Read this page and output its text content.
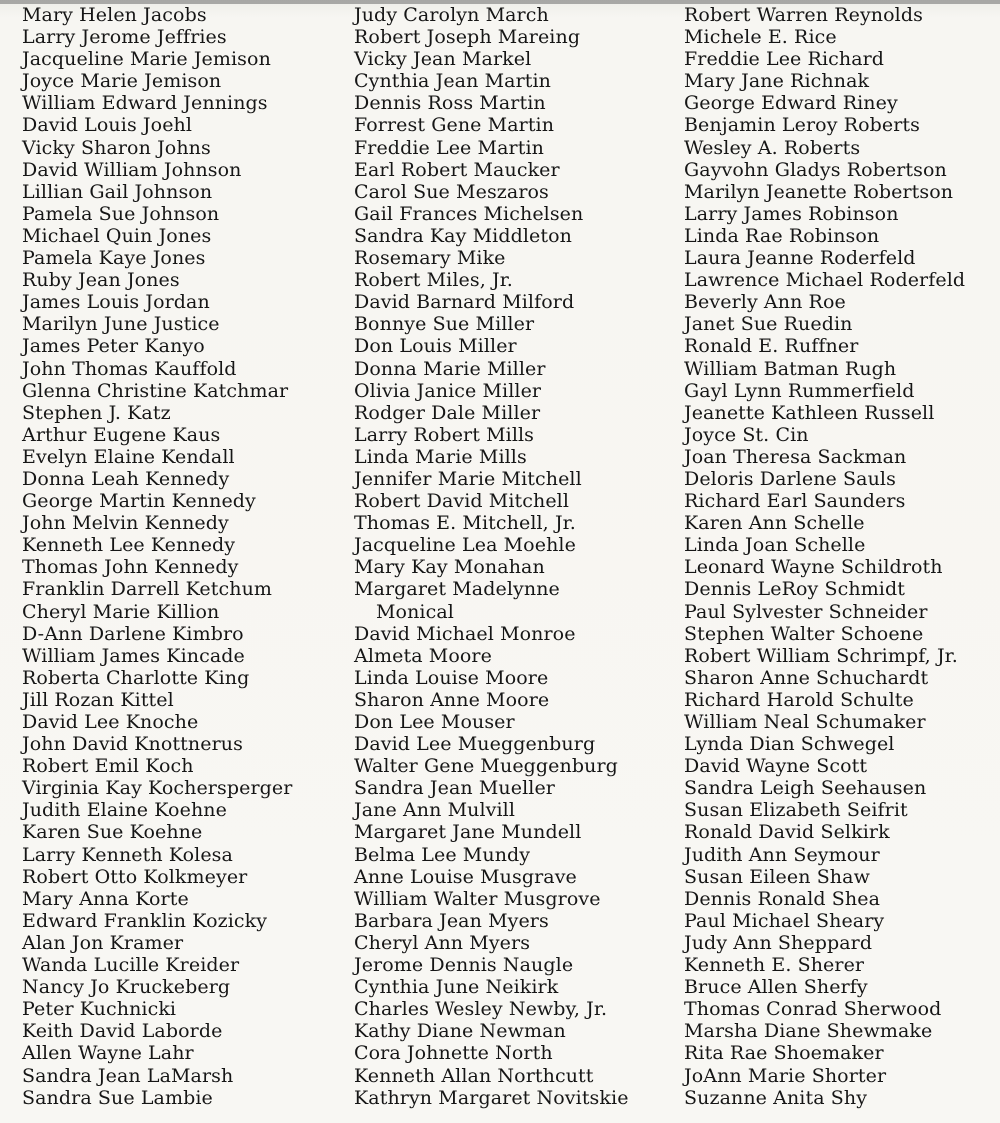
Mary Helen Jacobs
Larry Jerome Jeffries
Jacqueline Marie Jemison
Joyce Marie Jemison
William Edward Jennings
David Louis Joehl
Vicky Sharon Johns
David William Johnson
Lillian Gail Johnson
Pamela Sue Johnson
Michael Quin Jones
Pamela Kaye Jones
Ruby Jean Jones
James Louis Jordan
Marilyn June Justice
James Peter Kanyo
John Thomas Kauffold
Glenna Christine Katchmar
Stephen J. Katz
Arthur Eugene Kaus
Evelyn Elaine Kendall
Donna Leah Kennedy
George Martin Kennedy
John Melvin Kennedy
Kenneth Lee Kennedy
Thomas John Kennedy
Franklin Darrell Ketchum
Cheryl Marie Killion
D-Ann Darlene Kimbro
William James Kincade
Roberta Charlotte King
Jill Rozan Kittel
David Lee Knoche
John David Knottnerus
Robert Emil Koch
Virginia Kay Kochersperger
Judith Elaine Koehne
Karen Sue Koehne
Larry Kenneth Kolesa
Robert Otto Kolkmeyer
Mary Anna Korte
Edward Franklin Kozicky
Alan Jon Kramer
Wanda Lucille Kreider
Nancy Jo Kruckeberg
Peter Kuchnicki
Keith David Laborde
Allen Wayne Lahr
Sandra Jean LaMarsh
Sandra Sue Lambie
Judy Carolyn March
Robert Joseph Mareing
Vicky Jean Markel
Cynthia Jean Martin
Dennis Ross Martin
Forrest Gene Martin
Freddie Lee Martin
Earl Robert Maucker
Carol Sue Meszaros
Gail Frances Michelsen
Sandra Kay Middleton
Rosemary Mike
Robert Miles, Jr.
David Barnard Milford
Bonnye Sue Miller
Don Louis Miller
Donna Marie Miller
Olivia Janice Miller
Rodger Dale Miller
Larry Robert Mills
Linda Marie Mills
Jennifer Marie Mitchell
Robert David Mitchell
Thomas E. Mitchell, Jr.
Jacqueline Lea Moehle
Mary Kay Monahan
Margaret Madelynne
Monical
David Michael Monroe
Almeta Moore
Linda Louise Moore
Sharon Anne Moore
Don Lee Mouser
David Lee Mueggenburg
Walter Gene Mueggenburg
Sandra Jean Mueller
Jane Ann Mulvill
Margaret Jane Mundell
Belma Lee Mundy
Anne Louise Musgrave
William Walter Musgrove
Barbara Jean Myers
Cheryl Ann Myers
Jerome Dennis Naugle
Cynthia June Neikirk
Charles Wesley Newby, Jr.
Kathy Diane Newman
Cora Johnette North
Kenneth Allan Northcutt
Kathryn Margaret Novitskie
Robert Warren Reynolds
Michele E. Rice
Freddie Lee Richard
Mary Jane Richnak
George Edward Riney
Benjamin Leroy Roberts
Wesley A. Roberts
Gayvohn Gladys Robertson
Marilyn Jeanette Robertson
Larry James Robinson
Linda Rae Robinson
Laura Jeanne Roderfeld
Lawrence Michael Roderfeld
Beverly Ann Roe
Janet Sue Ruedin
Ronald E. Ruffner
William Batman Rugh
Gayl Lynn Rummerfield
Jeanette Kathleen Russell
Joyce St. Cin
Joan Theresa Sackman
Deloris Darlene Sauls
Richard Earl Saunders
Karen Ann Schelle
Linda Joan Schelle
Leonard Wayne Schildroth
Dennis LeRoy Schmidt
Paul Sylvester Schneider
Stephen Walter Schoene
Robert William Schrimpf, Jr.
Sharon Anne Schuchardt
Richard Harold Schulte
William Neal Schumaker
Lynda Dian Schwegel
David Wayne Scott
Sandra Leigh Seehausen
Susan Elizabeth Seifrit
Ronald David Selkirk
Judith Ann Seymour
Susan Eileen Shaw
Dennis Ronald Shea
Paul Michael Sheary
Judy Ann Sheppard
Kenneth E. Sherer
Bruce Allen Sherfy
Thomas Conrad Sherwood
Marsha Diane Shewmake
Rita Rae Shoemaker
JoAnn Marie Shorter
Suzanne Anita Shy
